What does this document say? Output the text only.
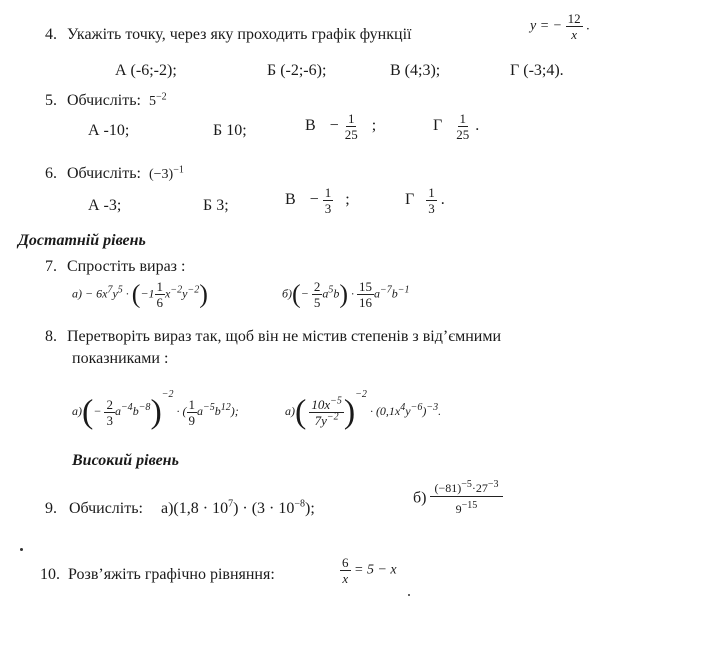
4. Укажіть точку, через яку проходить графік функції	y = − $\frac{12}{x}$ .
А (-6;-2);	Б (-2;-6);	В (4;3);	Г (-3;4).
5. Обчисліть: $5^{-2}$
А -10;	Б 10;	$В - \frac{1}{25}$ ;	Г $\frac{1}{25}$ .
6. Обчисліть: $(-3)^{-1}$
А -3;	Б 3;	$В - \frac{1}{3}$ ;	Г $\frac{1}{3}$ .
Достатній рівень
7. Спростіть вираз :
$а) - 6x^7y^5 \cdot (-1 \frac{1}{6} x^{-2}y^{-2})$	$б)(- \frac{2}{5} a^5b) \cdot \frac{15}{16} a^{-7}b^{-1}$
8. Перетворіть вираз так, щоб він не містив степенів з від’ємними
показниками :
$а)(- \frac{2}{3} a^{-4}b^{-8})^{-2}$ · ( $\frac{1}{9} a^{-5}b^{12}$);	$а)( \frac{10x^{-5}}{7y^{-2}} )^{-2} \cdot (0,1x^4y^{-6})^{-3}$.
Високий рівень
9. Обчисліть: $а)(1,8 \cdot 10^7) \cdot (3 \cdot 10^{-8})$;
$б) \frac{(-81)^{-5}\cdot 27^{-3}}{9^{-15}}$
10. Розв’яжіть графічно рівняння:	$\frac{6}{x} = 5 - x$
